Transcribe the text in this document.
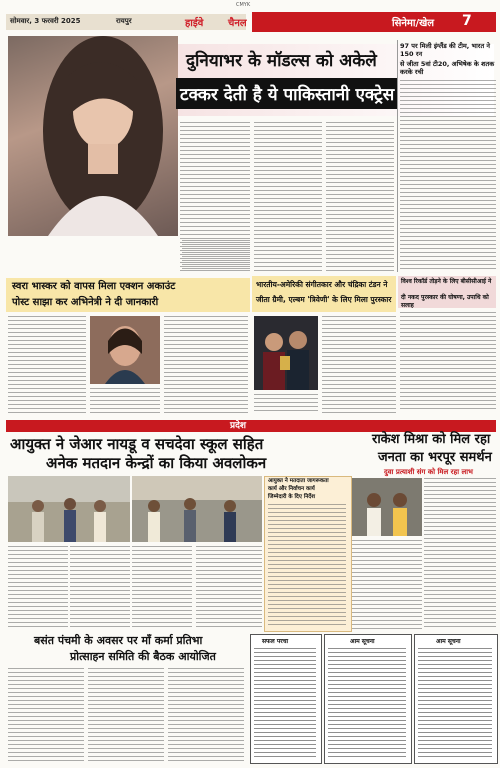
CMYK
सोमवार, 3 फरवरी 2025	रायपुर	हाईवे चैनल	सिनेमा/खेल 7
दुनियाभर के मॉडल्स को अकेले
टक्कर देती है ये पाकिस्तानी एक्ट्रेस
97 पर मिली इंग्लैंड की टीम, भारत ने 150 रन
से जीता 5वां टी20, अभिषेक के शतक करके रची
विश्व रिकॉर्ड तोड़ने के लिए बीसीसीआई ने
दी नकद पुरस्कार की घोषणा, उपाधि को सलाह
स्वरा भास्कर को वापस मिला एक्शन अकाउंट
पोस्ट साझा कर अभिनेत्री ने दी जानकारी
भारतीय-अमेरिकी संगीतकार और चंद्रिका टंडन ने
जीता ग्रैमी, एल्बम 'त्रिवेणी' के लिए मिला पुरस्कार
प्रदेश
आयुक्त ने जेआर नायडू व सचदेवा स्कूल सहित
अनेक मतदान केन्द्रों का किया अवलोकन
आयुक्त ने मतदाता जागरूकता
कार्य और निर्वाचन कार्य
जिम्मेदारी के दिए निर्देश
राकेश मिश्रा को मिल रहा
जनता का भरपूर समर्थन
दुवा प्रत्याशी संग को मिल रहा लाभ
बसंत पंचमी के अवसर पर माँ कर्मा प्रतिभा
प्रोत्साहन समिति की बैठक आयोजित
सफल परचा	आम सूचना	आम सूचना
